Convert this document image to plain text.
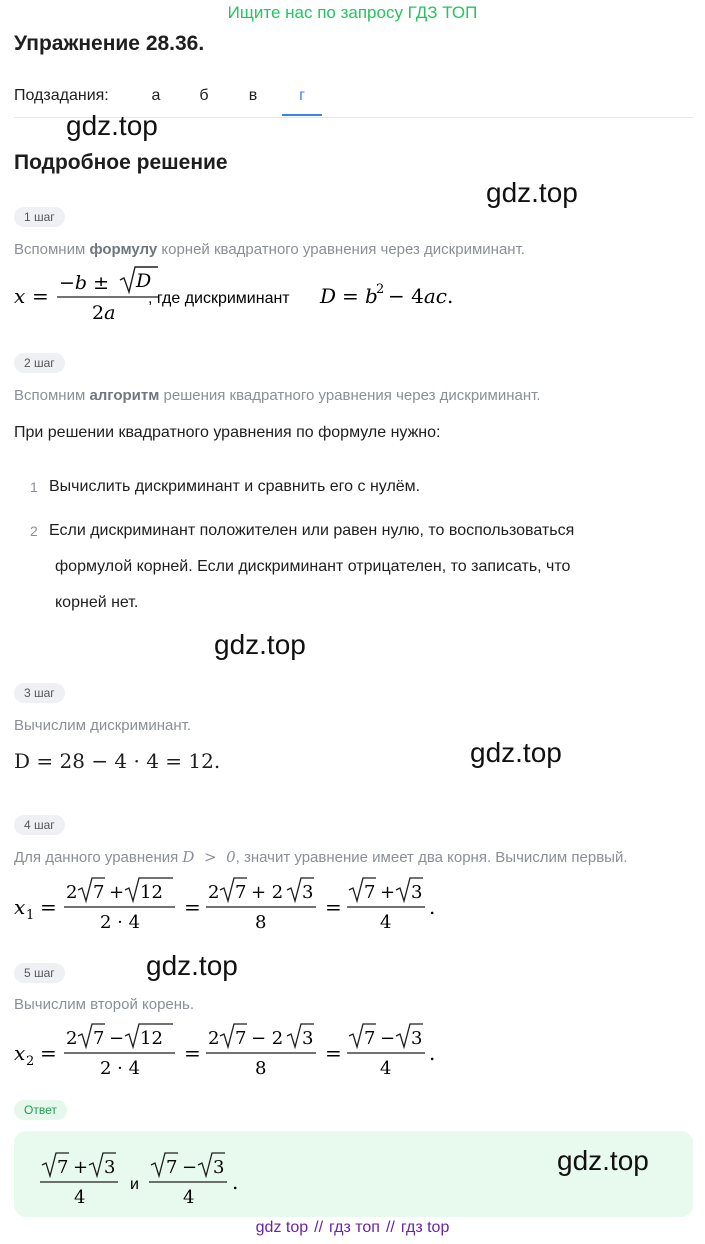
Ищите нас по запросу ГДЗ ТОП
Упражнение 28.36.
Подзадания:	а	б	в	г
gdz.top
gdz.top
gdz.top
gdz.top
gdz.top
Подробное решение
1 шаг
Вспомним формулу корней квадратного уравнения через дискриминант.
x =
−b ± D
2a
, где дискриминант D = b
2 − 4ac.
2 шаг
Вспомним алгоритм решения квадратного уравнения через дискриминант.
При решении квадратного уравнения по формуле нужно:
1 Вычислить дискриминант и сравнить его с нулём.
2 Если дискриминант положителен или равен нулю, то воспользоваться
формулой корней. Если дискриминант отрицателен, то записать, что
корней нет.
3 шаг
Вычислим дискриминант.
D = 28 − 4 · 4 = 12.
4 шаг
Для данного уравнения D  >  0, значит уравнение имеет два корня. Вычислим первый.
x 1 =
2 7 + 12
2 · 4
=
2 7 + 2 3
8
=
7 + 3
4
.
5 шаг
Вычислим второй корень.
x 2 =
2 7 − 12
2 · 4
=
2 7 − 2 3
8
=
7 − 3
4
.
Ответ
7 + 3
4
и
7 − 3
4
.
gdz.top
gdz top // гдз топ // гдз top
